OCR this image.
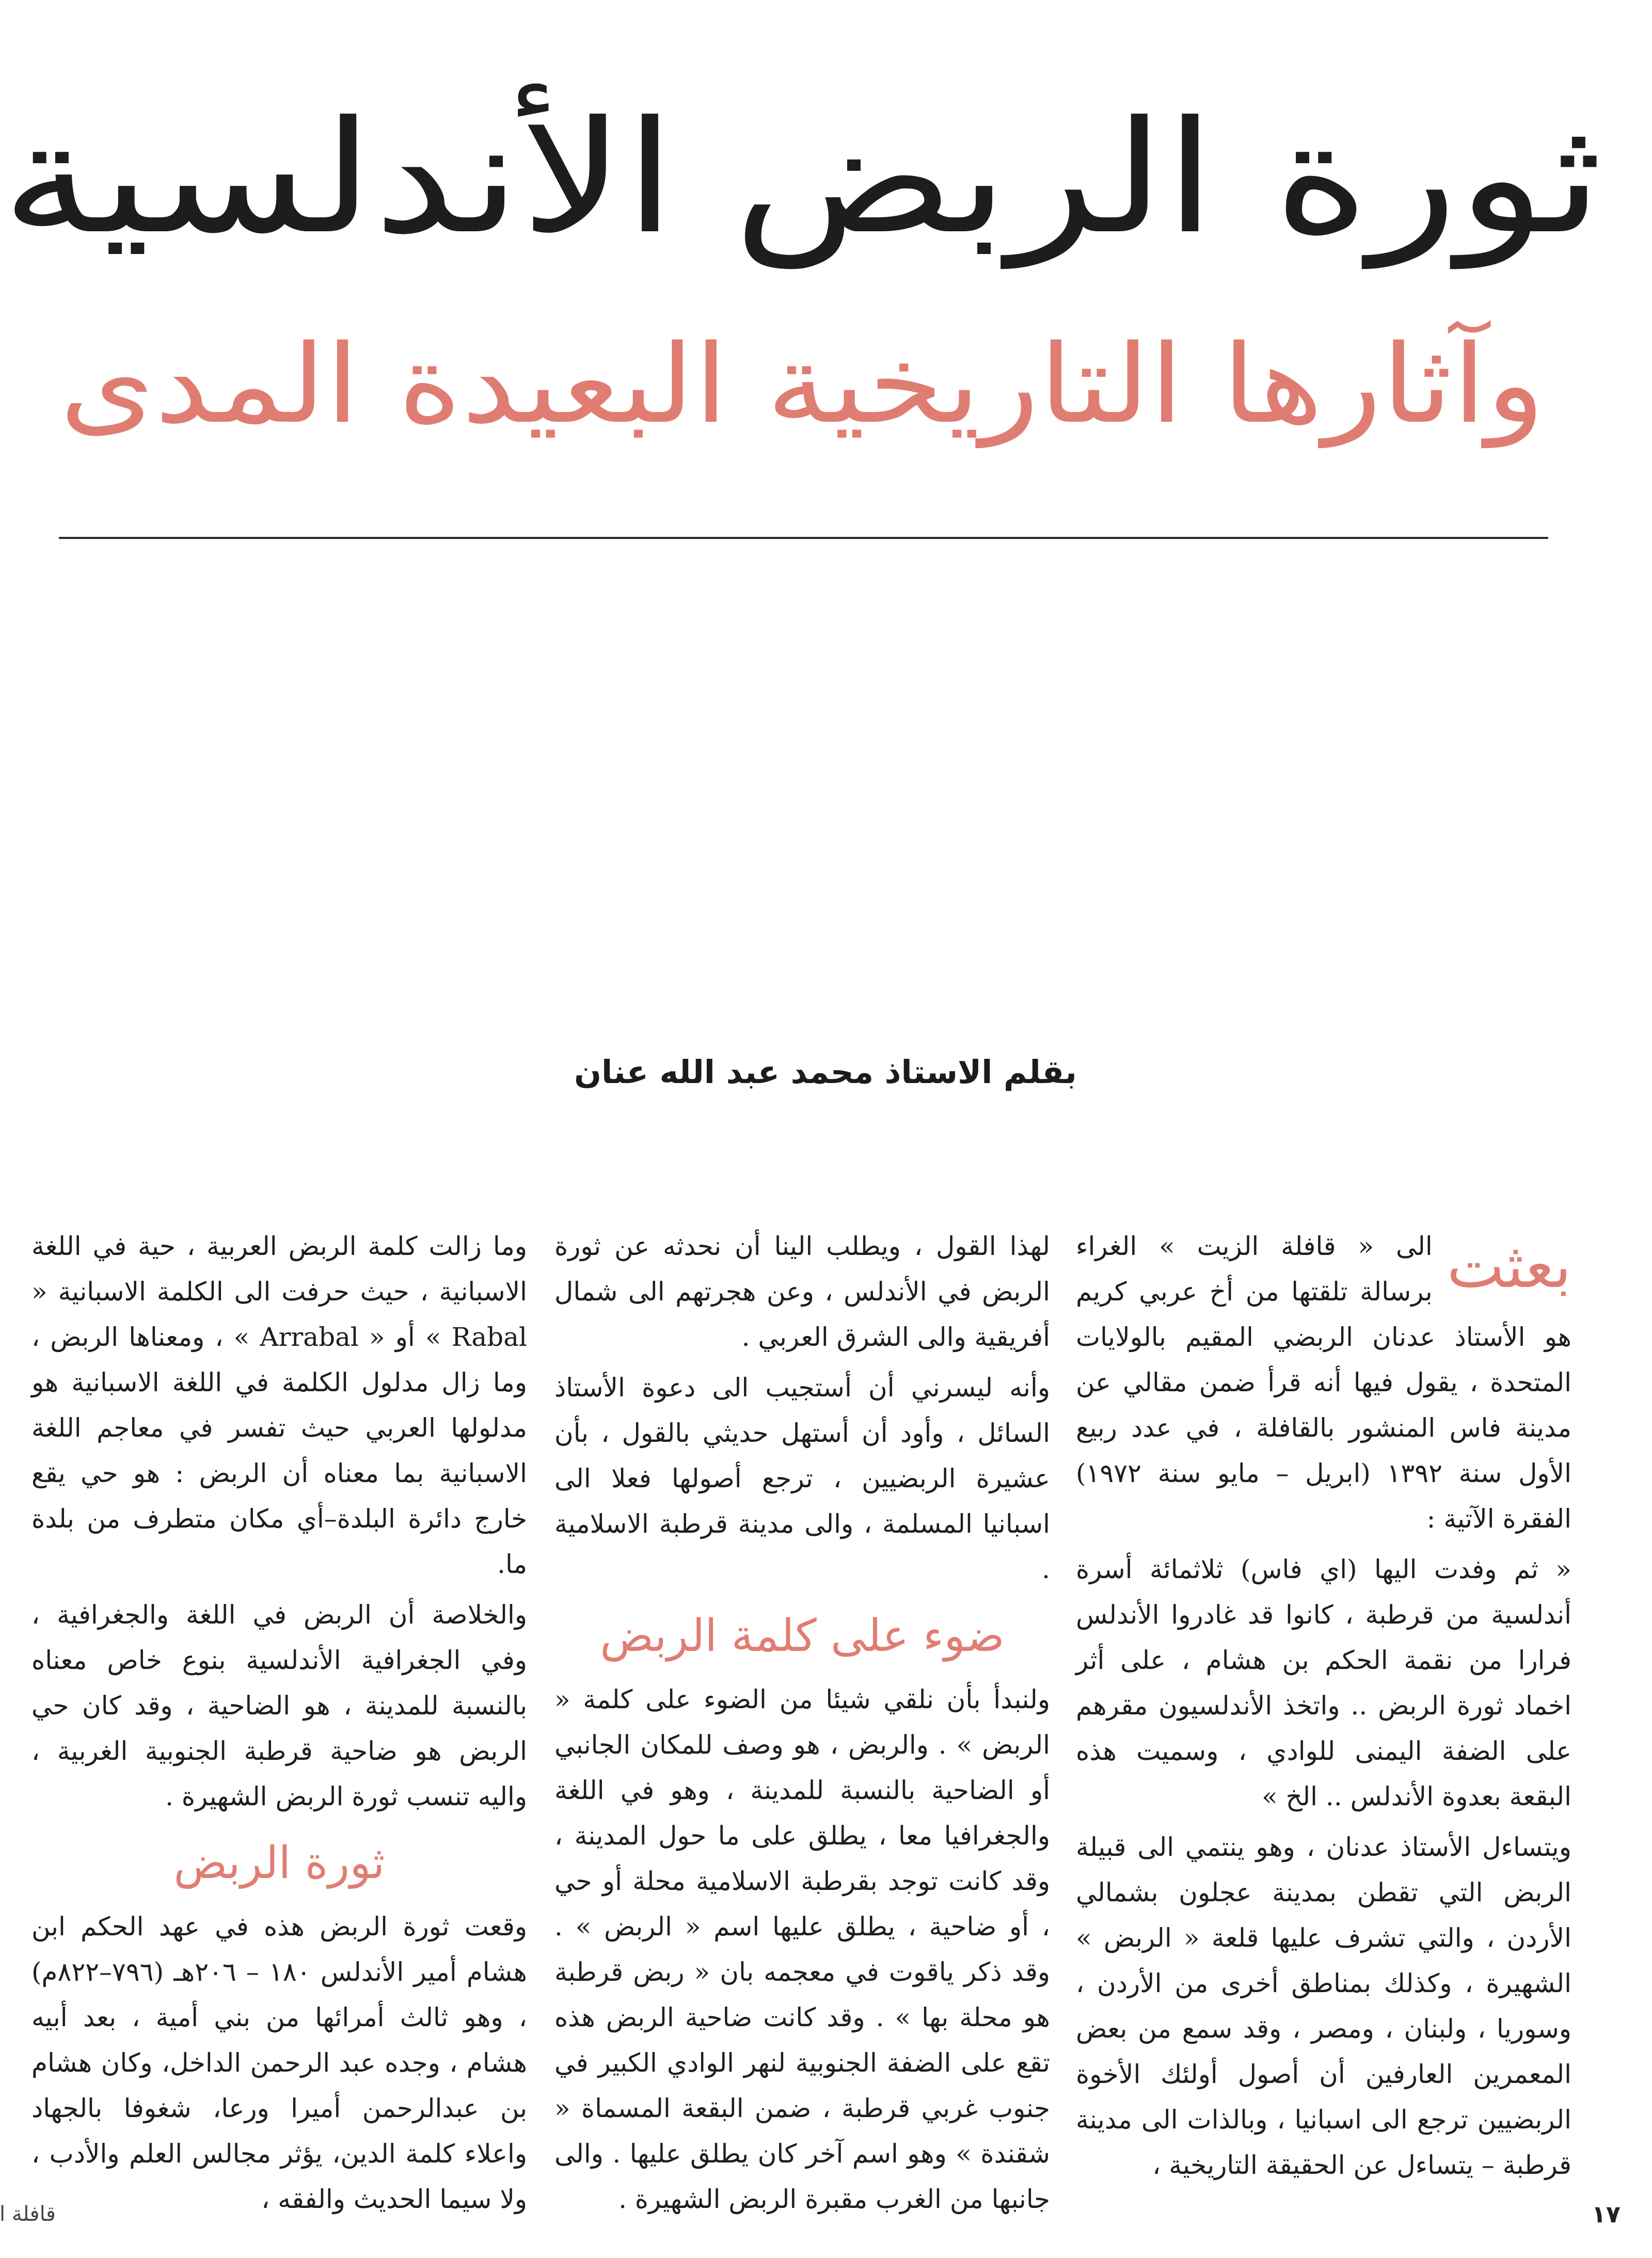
ثورة الربض الأندلسية
وآثارها التاريخية البعيدة المدى
بقلم الاستاذ محمد عبد الله عنان

بعثت
الى « قافلة الزيت » الغراء برسالة تلقتها من أخ عربي كريم هو الأستاذ عدنان الربضي المقيم بالولايات المتحدة ، يقول فيها أنه قرأ ضمن مقالي عن مدينة فاس المنشور بالقافلة ، في عدد ربيع الأول سنة ١٣٩٢ (ابريل – مايو سنة ١٩٧٢) الفقرة الآتية :

« ثم وفدت اليها (اي فاس) ثلاثمائة أسرة أندلسية من قرطبة ، كانوا قد غادروا الأندلس فرارا من نقمة الحكم بن هشام ، على أثر اخماد ثورة الربض .. واتخذ الأندلسيون مقرهم على الضفة اليمنى للوادي ، وسميت هذه البقعة بعدوة الأندلس .. الخ »

ويتساءل الأستاذ عدنان ، وهو ينتمي الى قبيلة الربض التي تقطن بمدينة عجلون بشمالي الأردن ، والتي تشرف عليها قلعة « الربض » الشهيرة ، وكذلك بمناطق أخرى من الأردن ، وسوريا ، ولبنان ، ومصر ، وقد سمع من بعض المعمرين العارفين أن أصول أولئك الأخوة الربضيين ترجع الى اسبانيا ، وبالذات الى مدينة قرطبة – يتساءل عن الحقيقة التاريخية ،

لهذا القول ، ويطلب الينا أن نحدثه عن ثورة الربض في الأندلس ، وعن هجرتهم الى شمال أفريقية والى الشرق العربي .

وأنه ليسرني أن أستجيب الى دعوة الأستاذ السائل ، وأود أن أستهل حديثي بالقول ، بأن عشيرة الربضيين ، ترجع أصولها فعلا الى اسبانيا المسلمة ، والى مدينة قرطبة الاسلامية .

ضوء على كلمة الربض

ولنبدأ بأن نلقي شيئا من الضوء على كلمة « الربض » . والربض ، هو وصف للمكان الجانبي أو الضاحية بالنسبة للمدينة ، وهو في اللغة والجغرافيا معا ، يطلق على ما حول المدينة ، وقد كانت توجد بقرطبة الاسلامية محلة أو حي ، أو ضاحية ، يطلق عليها اسم « الربض » . وقد ذكر ياقوت في معجمه بان « ربض قرطبة هو محلة بها » . وقد كانت ضاحية الربض هذه تقع على الضفة الجنوبية لنهر الوادي الكبير في جنوب غربي قرطبة ، ضمن البقعة المسماة « شقندة » وهو اسم آخر كان يطلق عليها . والى جانبها من الغرب مقبرة الربض الشهيرة .

وما زالت كلمة الربض العربية ، حية في اللغة الاسبانية ، حيث حرفت الى الكلمة الاسبانية « Rabal » أو « Arrabal » ، ومعناها الربض ، وما زال مدلول الكلمة في اللغة الاسبانية هو مدلولها العربي حيث تفسر في معاجم اللغة الاسبانية بما معناه أن الربض : هو حي يقع خارج دائرة البلدة–أي مكان متطرف من بلدة ما.

والخلاصة أن الربض في اللغة والجغرافية ، وفي الجغرافية الأندلسية بنوع خاص معناه بالنسبة للمدينة ، هو الضاحية ، وقد كان حي الربض هو ضاحية قرطبة الجنوبية الغربية ، واليه تنسب ثورة الربض الشهيرة .

ثورة الربض

وقعت ثورة الربض هذه في عهد الحكم ابن هشام أمير الأندلس ١٨٠ – ٢٠٦هـ (٧٩٦–٨٢٢م) ، وهو ثالث أمرائها من بني أمية ، بعد أبيه هشام ، وجده عبد الرحمن الداخل، وكان هشام بن عبدالرحمن أميرا ورعا، شغوفا بالجهاد واعلاء كلمة الدين، يؤثر مجالس العلم والأدب ، ولا سيما الحديث والفقه ،	١٧
قافلة ا
